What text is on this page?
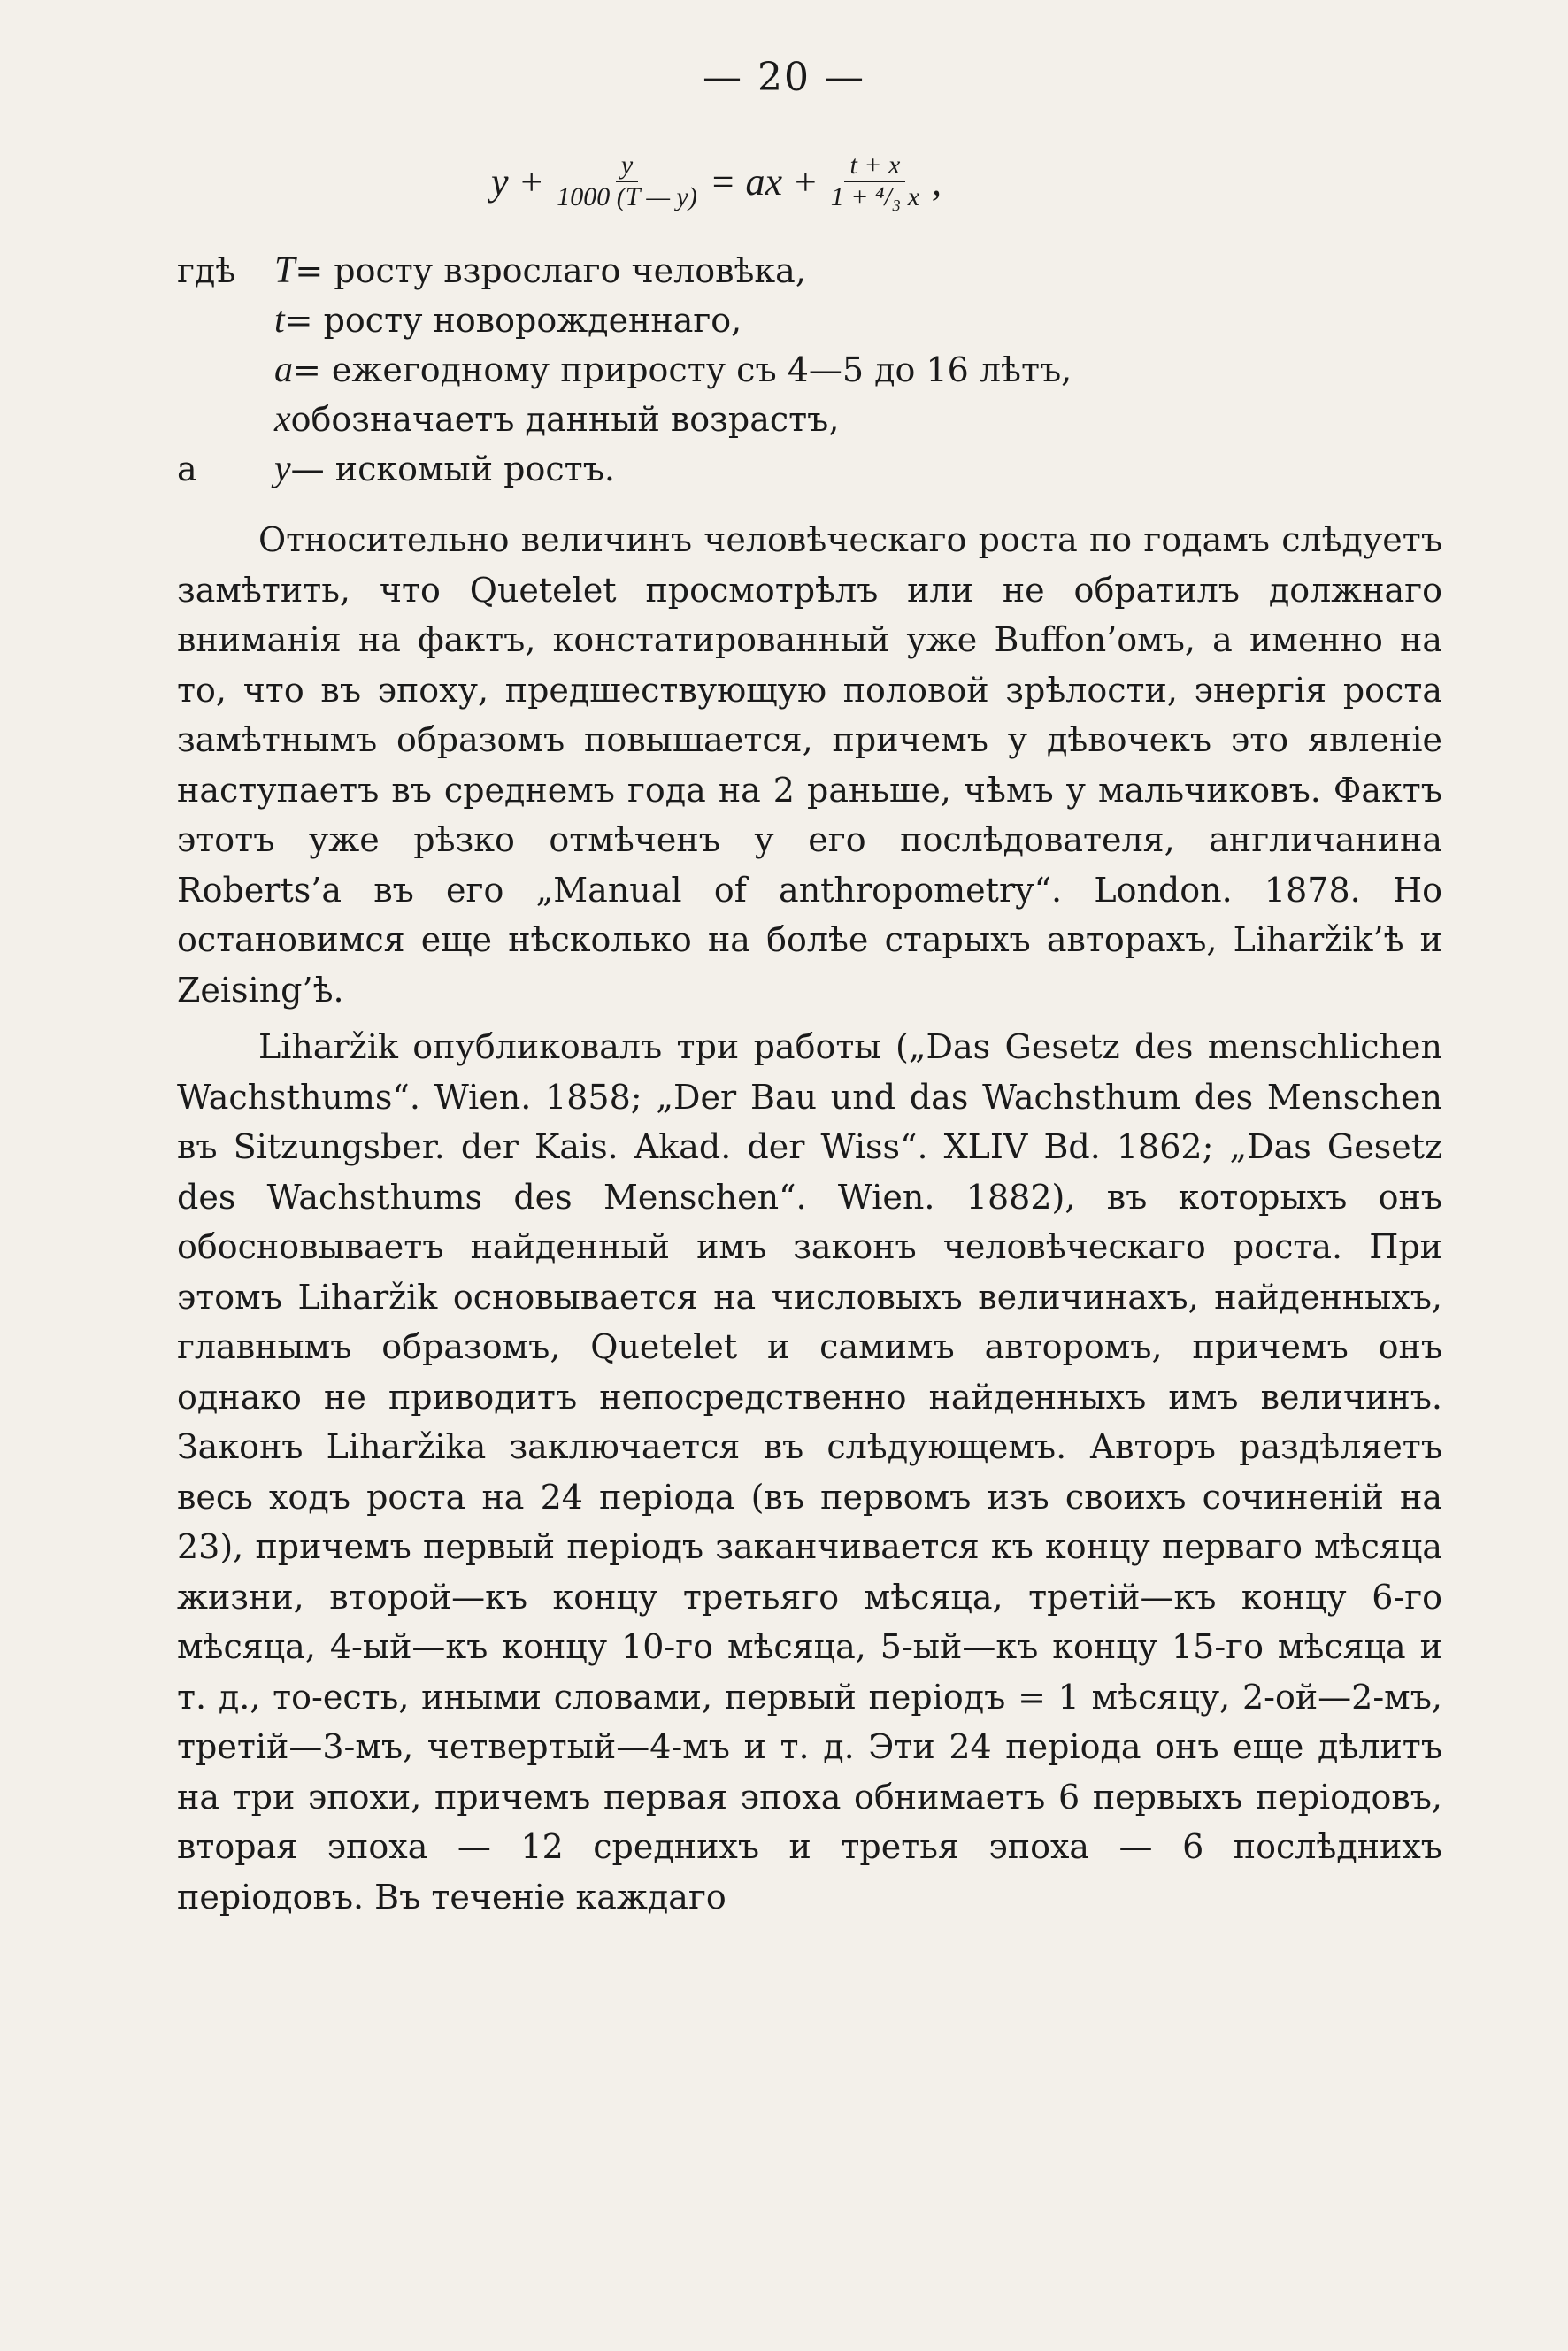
— 20 —
$y + \frac{y}{1000 (T — y)}$ = ax + $\frac{t + x}{\text{1 + ⁴/₃ x}}$ ,
гдѣ	T = росту взрослаго человѣка,
t = росту новорожденнаго,
a = ежегодному приросту съ 4—5 до 16 лѣтъ,
x обозначаетъ данный возрастъ,
а	y — искомый ростъ.

Относительно величинъ человѣческаго роста по годамъ слѣдуетъ замѣтить, что Quetelet просмотрѣлъ или не обратилъ должнаго вниманія на фактъ, констатированный уже Buffon’омъ, а именно на то, что въ эпоху, предшествующую половой зрѣлости, энергія роста замѣтнымъ образомъ повышается, причемъ у дѣвочекъ это явленіе наступаетъ въ среднемъ года на 2 раньше, чѣмъ у мальчиковъ. Фактъ этотъ уже рѣзко отмѣченъ у его послѣдователя, англичанина Roberts’а въ его „Manual of anthropometry“. London. 1878. Но остановимся еще нѣсколько на болѣе старыхъ авторахъ, Liharžik’ѣ и Zeising’ѣ.

Liharžik опубликовалъ три работы („Das Gesetz des menschlichen Wachsthums“. Wien. 1858; „Der Bau und das Wachsthum des Menschen въ Sitzungsber. der Kais. Akad. der Wiss“. XLIV Bd. 1862; „Das Gesetz des Wachsthums des Menschen“. Wien. 1882), въ которыхъ онъ обосновываетъ найденный имъ законъ человѣческаго роста. При этомъ Liharžik основывается на числовыхъ величинахъ, найденныхъ, главнымъ образомъ, Quetelet и самимъ авторомъ, причемъ онъ однако не приводитъ непосредственно найденныхъ имъ величинъ. Законъ Liharžika заключается въ слѣдующемъ. Авторъ раздѣляетъ весь ходъ роста на 24 періода (въ первомъ изъ своихъ сочиненій на 23), причемъ первый періодъ заканчивается къ концу перваго мѣсяца жизни, второй—къ концу третьяго мѣсяца, третій—къ концу 6-го мѣсяца, 4-ый—къ концу 10-го мѣсяца, 5-ый—къ концу 15-го мѣсяца и т. д., то-есть, иными словами, первый періодъ = 1 мѣсяцу, 2-ой—2-мъ, третій—3-мъ, четвертый—4-мъ и т. д. Эти 24 періода онъ еще дѣлитъ на три эпохи, причемъ первая эпоха обнимаетъ 6 первыхъ періодовъ, вторая эпоха — 12 среднихъ и третья эпоха — 6 послѣднихъ періодовъ. Въ теченіе каждаго
